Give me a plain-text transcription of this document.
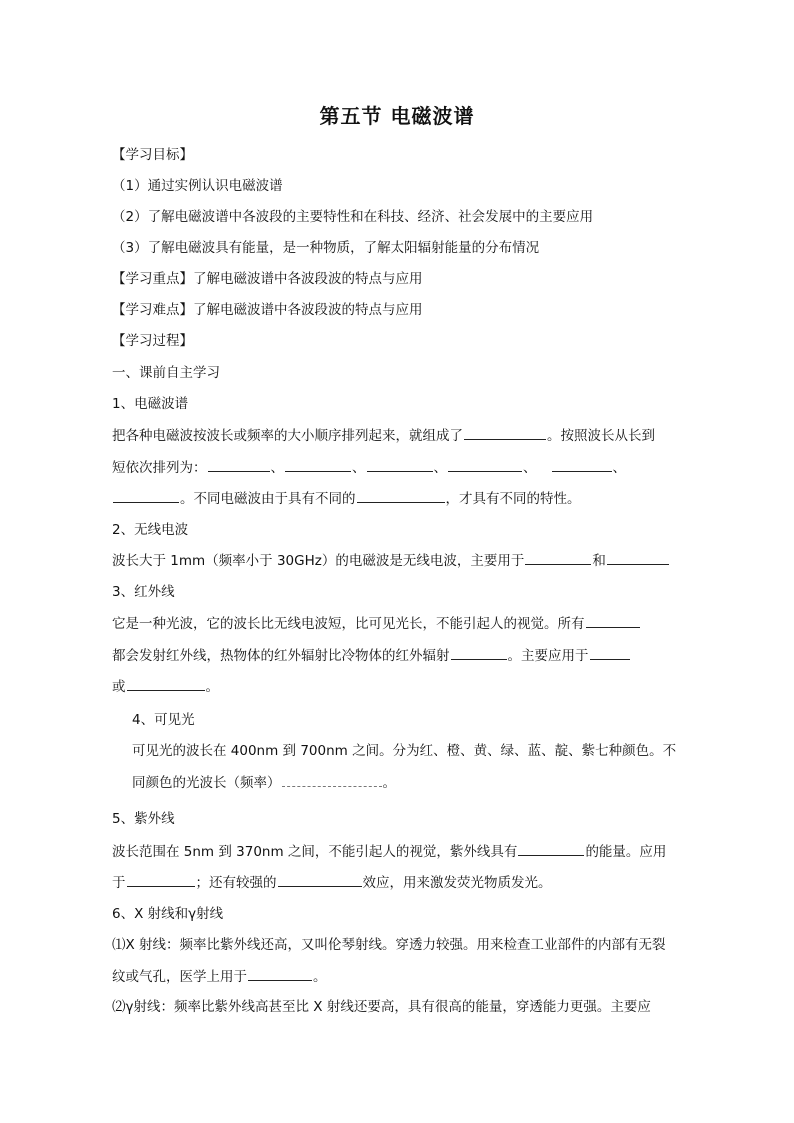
第五节 电磁波谱
【学习目标】
（1）通过实例认识电磁波谱
（2）了解电磁波谱中各波段的主要特性和在科技、经济、社会发展中的主要应用
（3）了解电磁波具有能量，是一种物质，了解太阳辐射能量的分布情况
【学习重点】了解电磁波谱中各波段波的特点与应用
【学习难点】了解电磁波谱中各波段波的特点与应用
【学习过程】
一、课前自主学习
1、电磁波谱
把各种电磁波按波长或频率的大小顺序排列起来，就组成了	。按照波长从长到
短依次排列为：	、	、	、	、	、
。不同电磁波由于具有不同的	，才具有不同的特性。
2、无线电波
波长大于 1mm（频率小于 30GHz）的电磁波是无线电波，主要用于	和
3、红外线
它是一种光波，它的波长比无线电波短，比可见光长，不能引起人的视觉。所有
都会发射红外线，热物体的红外辐射比冷物体的红外辐射	。主要应用于
或	。
4、可见光
可见光的波长在 400nm 到 700nm 之间。分为红、橙、黄、绿、蓝、靛、紫七种颜色。不
同颜色的光波长（频率）	。
5、紫外线
波长范围在 5nm 到 370nm 之间，不能引起人的视觉，紫外线具有	的能量。应用
于	；还有较强的	效应，用来激发荧光物质发光。
6、X 射线和γ射线
⑴X 射线：频率比紫外线还高，又叫伦琴射线。穿透力较强。用来检查工业部件的内部有无裂
纹或气孔，医学上用于	。
⑵γ射线：频率比紫外线高甚至比 X 射线还要高，具有很高的能量，穿透能力更强。主要应
